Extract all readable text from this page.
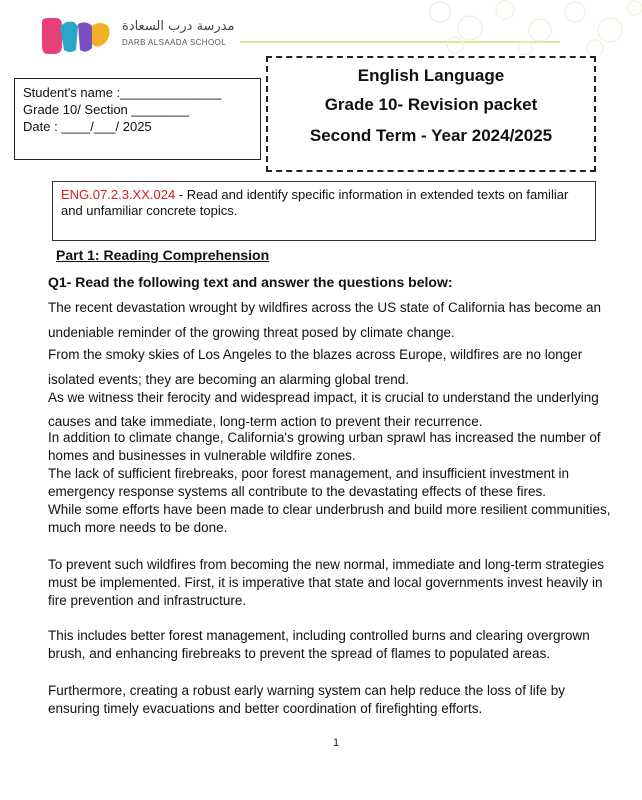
مدرسة درب السعادة
DARB ALSAADA SCHOOL
Student's name :______________
Grade 10/ Section ________
Date : ____/___/ 2025
English Language
Grade 10- Revision packet
Second Term - Year 2024/2025
ENG.07.2.3.XX.024 - Read and identify specific information in extended texts on familiar and unfamiliar concrete topics.
Part 1: Reading Comprehension
Q1- Read the following text and answer the questions below:

The recent devastation wrought by wildfires across the US state of California has become an undeniable reminder of the growing threat posed by climate change.

From the smoky skies of Los Angeles to the blazes across Europe, wildfires are no longer isolated events; they are becoming an alarming global trend.

As we witness their ferocity and widespread impact, it is crucial to understand the underlying causes and take immediate, long-term action to prevent their recurrence.

In addition to climate change, California's growing urban sprawl has increased the number of homes and businesses in vulnerable wildfire zones.

The lack of sufficient firebreaks, poor forest management, and insufficient investment in emergency response systems all contribute to the devastating effects of these fires.

While some efforts have been made to clear underbrush and build more resilient communities, much more needs to be done.

To prevent such wildfires from becoming the new normal, immediate and long-term strategies must be implemented. First, it is imperative that state and local governments invest heavily in fire prevention and infrastructure.

This includes better forest management, including controlled burns and clearing overgrown brush, and enhancing firebreaks to prevent the spread of flames to populated areas.

Furthermore, creating a robust early warning system can help reduce the loss of life by ensuring timely evacuations and better coordination of firefighting efforts.

1
